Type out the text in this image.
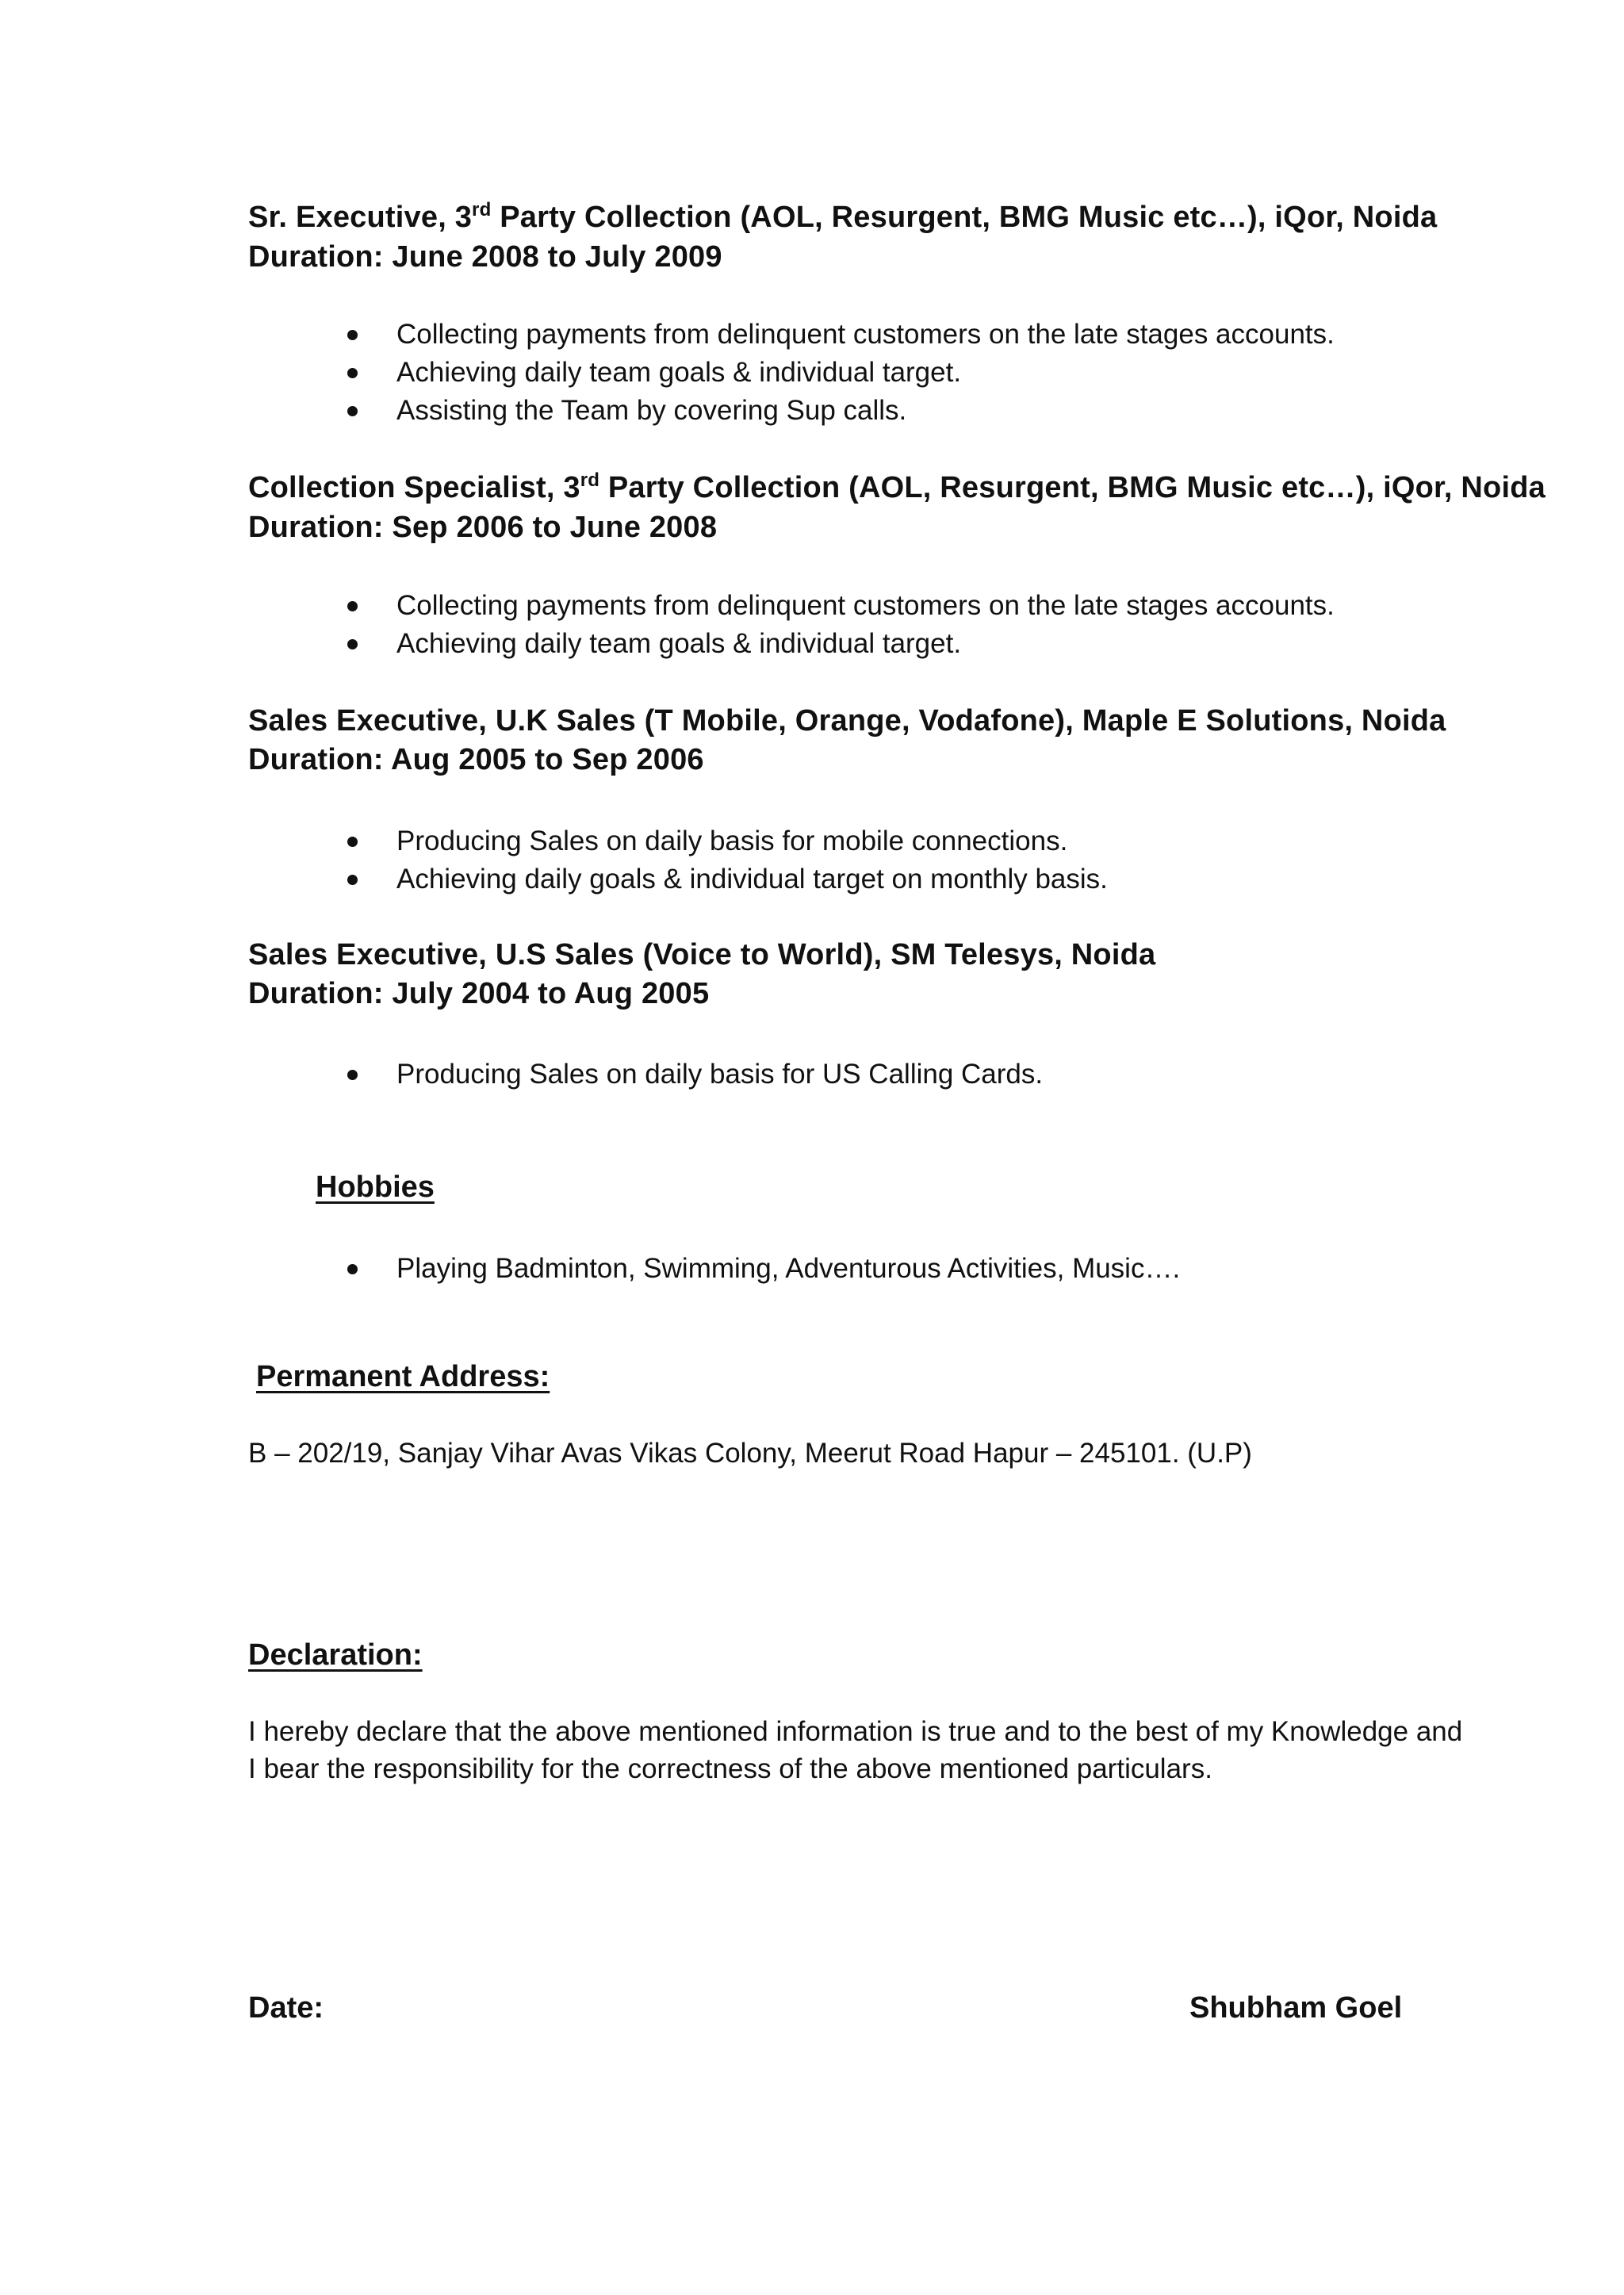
Sr. Executive, 3rd Party Collection (AOL, Resurgent, BMG Music etc…), iQor, Noida
Duration: June 2008 to July 2009
Collecting payments from delinquent customers on the late stages accounts.
Achieving daily team goals & individual target.
Assisting the Team by covering Sup calls.
Collection Specialist, 3rd Party Collection (AOL, Resurgent, BMG Music etc…), iQor, Noida
Duration: Sep 2006 to June 2008
Collecting payments from delinquent customers on the late stages accounts.
Achieving daily team goals & individual target.
Sales Executive, U.K Sales (T Mobile, Orange, Vodafone), Maple E Solutions, Noida
Duration: Aug 2005 to Sep 2006
Producing Sales on daily basis for mobile connections.
Achieving daily goals & individual target on monthly basis.
Sales Executive, U.S Sales (Voice to World), SM Telesys, Noida
Duration: July 2004 to Aug 2005
Producing Sales on daily basis for US Calling Cards.
Hobbies
Playing Badminton, Swimming, Adventurous Activities, Music….
Permanent Address:
B – 202/19, Sanjay Vihar Avas Vikas Colony, Meerut Road Hapur – 245101. (U.P)
Declaration:
I hereby declare that the above mentioned information is true and to the best of my Knowledge and
I bear the responsibility for the correctness of the above mentioned particulars.
Date:	Shubham Goel
